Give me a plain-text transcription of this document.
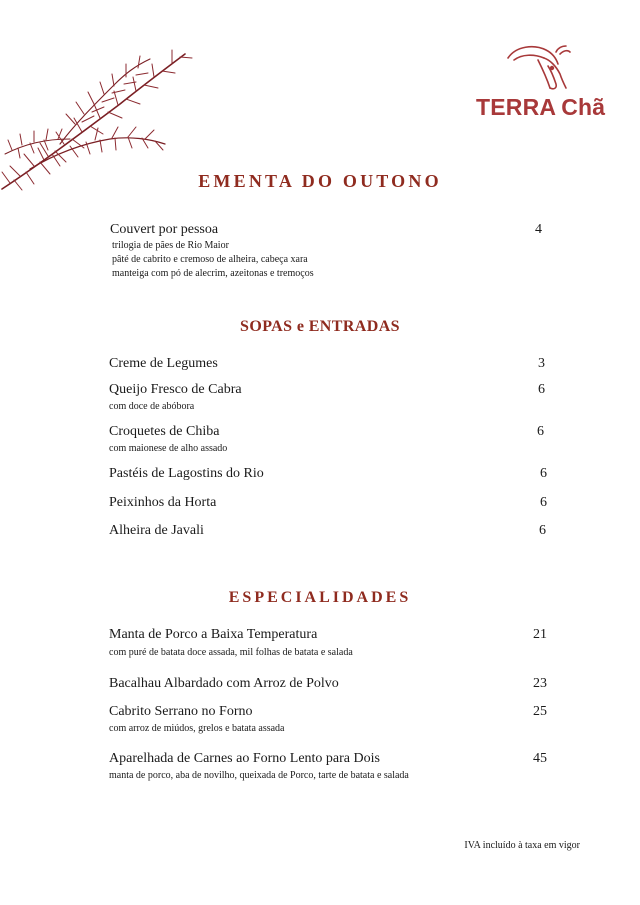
TERRA Chã
EMENTA DO OUTONO
Couvert por pessoa	4
trilogia de pães de Rio Maior
pâté de cabrito e cremoso de alheira, cabeça xara
manteiga com pó de alecrim, azeitonas e tremoços
SOPAS e ENTRADAS
Creme de Legumes	3
Queijo Fresco de Cabra	6
com doce de abóbora
Croquetes de Chiba	6
com maionese de alho assado
Pastéis de Lagostins do Rio	6
Peixinhos da Horta	6
Alheira de Javali	6
ESPECIALIDADES
Manta de Porco a Baixa Temperatura	21
com puré de batata doce assada, mil folhas de batata e salada
Bacalhau Albardado com Arroz de Polvo	23
Cabrito Serrano no Forno	25
com arroz de miúdos, grelos e batata assada
Aparelhada de Carnes ao Forno Lento para Dois	45
manta de porco, aba de novilho, queixada de Porco, tarte de batata e salada
IVA incluído à taxa em vigor
